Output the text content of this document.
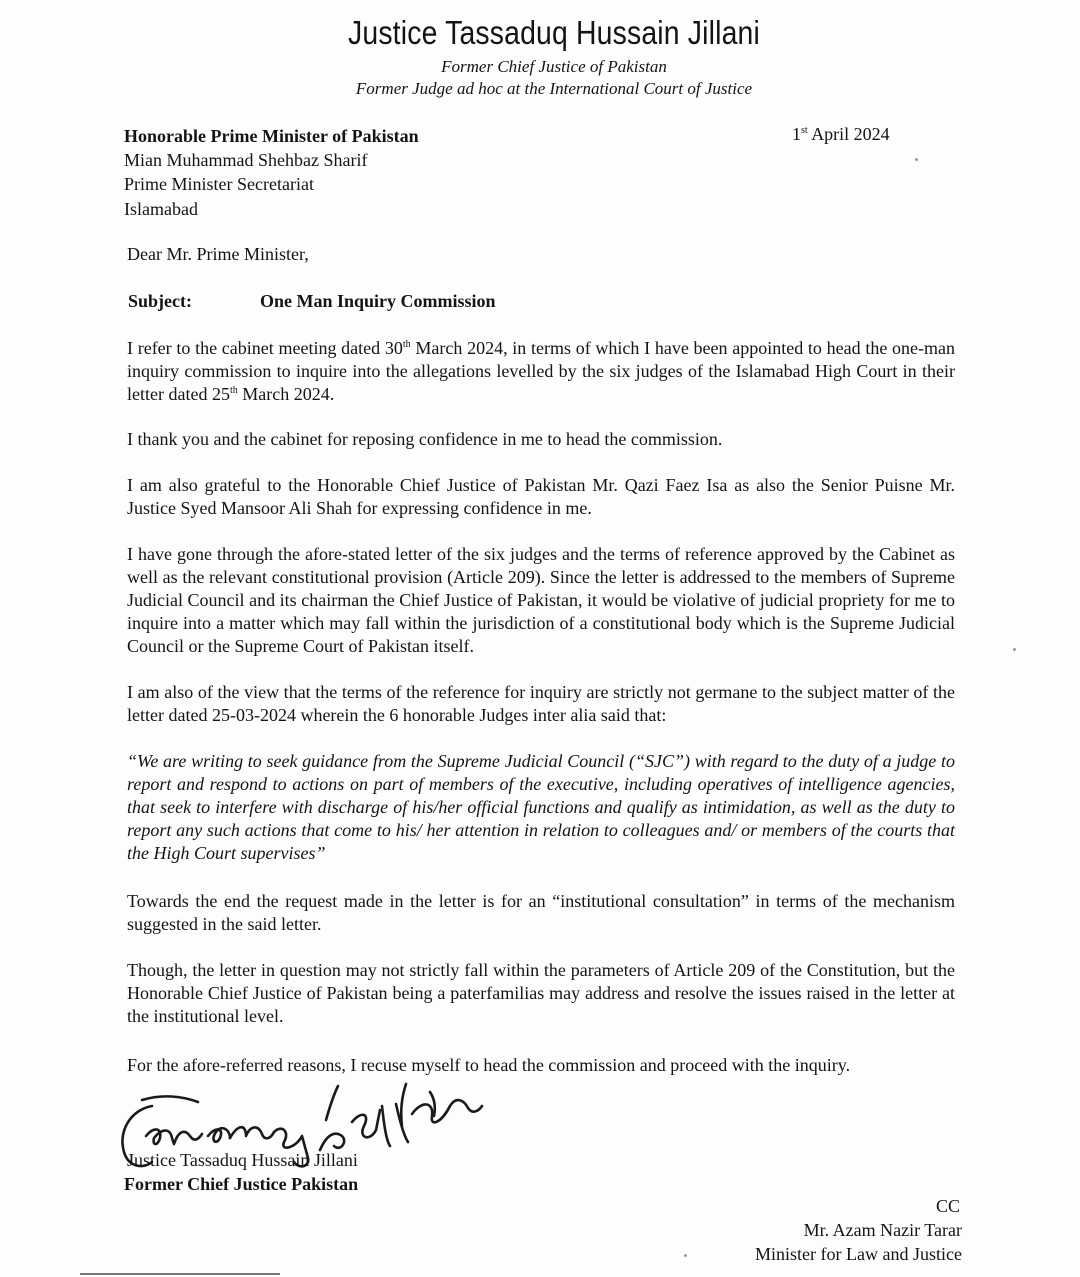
Justice Tassaduq Hussain Jillani
Former Chief Justice of Pakistan
Former Judge ad hoc at the International Court of Justice
Honorable Prime Minister of Pakistan
Mian Muhammad Shehbaz Sharif
Prime Minister Secretariat
Islamabad
1st April 2024
Dear Mr. Prime Minister,
Subject:	One Man Inquiry Commission
I refer to the cabinet meeting dated 30th March 2024, in terms of which I have been appointed to head the one-man inquiry commission to inquire into the allegations levelled by the six judges of the Islamabad High Court in their letter dated 25th March 2024.
I thank you and the cabinet for reposing confidence in me to head the commission.
I am also grateful to the Honorable Chief Justice of Pakistan Mr. Qazi Faez Isa as also the Senior Puisne Mr. Justice Syed Mansoor Ali Shah for expressing confidence in me.
I have gone through the afore-stated letter of the six judges and the terms of reference approved by the Cabinet as well as the relevant constitutional provision (Article 209). Since the letter is addressed to the members of Supreme Judicial Council and its chairman the Chief Justice of Pakistan, it would be violative of judicial propriety for me to inquire into a matter which may fall within the jurisdiction of a constitutional body which is the Supreme Judicial Council or the Supreme Court of Pakistan itself.
I am also of the view that the terms of the reference for inquiry are strictly not germane to the subject matter of the letter dated 25-03-2024 wherein the 6 honorable Judges inter alia said that:
“We are writing to seek guidance from the Supreme Judicial Council (“SJC”) with regard to the duty of a judge to report and respond to actions on part of members of the executive, including operatives of intelligence agencies, that seek to interfere with discharge of his/her official functions and qualify as intimidation, as well as the duty to report any such actions that come to his/ her attention in relation to colleagues and/ or members of the courts that the High Court supervises”
Towards the end the request made in the letter is for an “institutional consultation” in terms of the mechanism suggested in the said letter.
Though, the letter in question may not strictly fall within the parameters of Article 209 of the Constitution, but the Honorable Chief Justice of Pakistan being a paterfamilias may address and resolve the issues raised in the letter at the institutional level.
For the afore-referred reasons, I recuse myself to head the commission and proceed with the inquiry.
Justice Tassaduq Hussain Jillani
Former Chief Justice Pakistan
CC
Mr. Azam Nazir Tarar
Minister for Law and Justice
